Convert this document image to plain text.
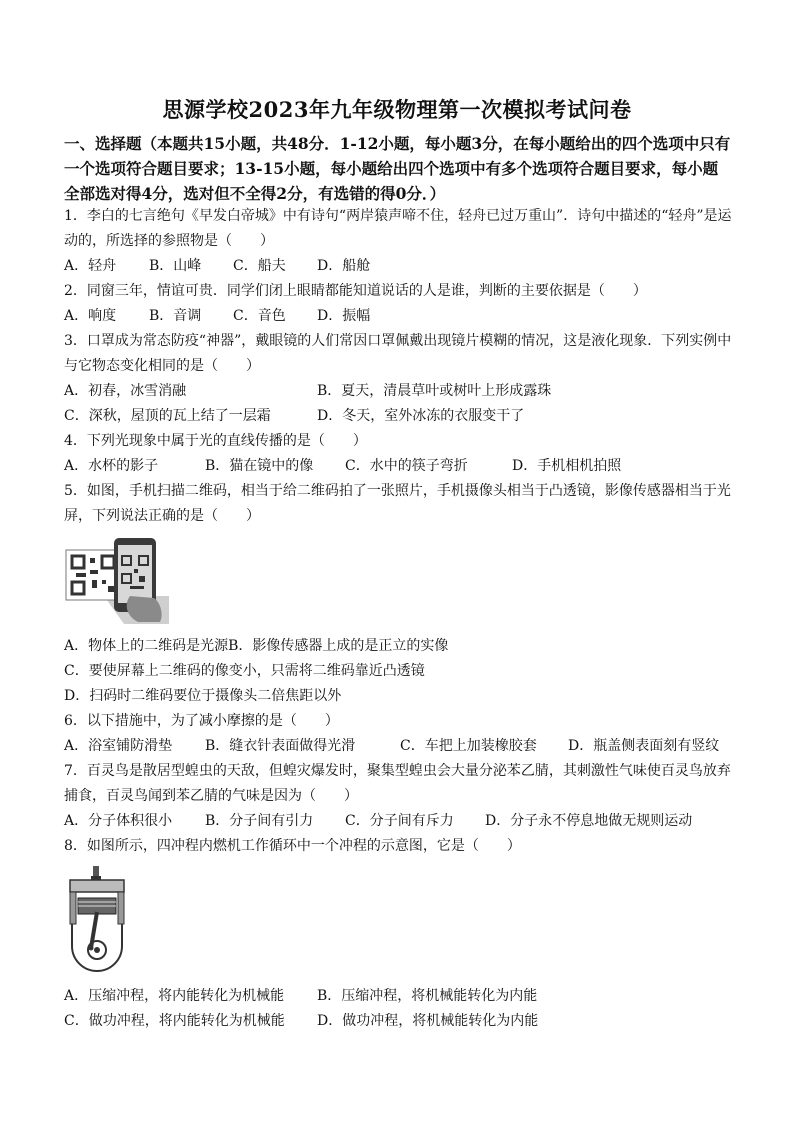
思源学校2023年九年级物理第一次模拟考试问卷
一、选择题（本题共15小题，共48分．1-12小题，每小题3分，在每小题给出的四个选项中只有
一个选项符合题目要求；13-15小题，每小题给出四个选项中有多个选项符合题目要求，每小题
全部选对得4分，选对但不全得2分，有选错的得0分．）
1．李白的七言绝句《早发白帝城》中有诗句“两岸猿声啼不住，轻舟已过万重山”．诗句中描述的“轻舟”是运
动的，所选择的参照物是（　　）
A．轻舟 B．山峰 C．船夫 D．船舱
2．同窗三年，情谊可贵．同学们闭上眼睛都能知道说话的人是谁，判断的主要依据是（　　）
A．响度 B．音调 C．音色 D．振幅
3．口罩成为常态防疫“神器”，戴眼镜的人们常因口罩佩戴出现镜片模糊的情况，这是液化现象．下列实例中
与它物态变化相同的是（　　）
A．初春，冰雪消融	B．夏天，清晨草叶或树叶上形成露珠
C．深秋，屋顶的瓦上结了一层霜	D．冬天，室外冰冻的衣服变干了
4．下列光现象中属于光的直线传播的是（　　）
A．水杯的影子	B．猫在镜中的像 C．水中的筷子弯折	D．手机相机拍照
5．如图，手机扫描二维码，相当于给二维码拍了一张照片，手机摄像头相当于凸透镜，影像传感器相当于光
屏，下列说法正确的是（　　）
A．物体上的二维码是光源B．影像传感器上成的是正立的实像
C．要使屏幕上二维码的像变小，只需将二维码靠近凸透镜
D．扫码时二维码要位于摄像头二倍焦距以外
6．以下措施中，为了减小摩擦的是（　　）
A．浴室铺防滑垫 B．缝衣针表面做得光滑	C．车把上加装橡胶套 D．瓶盖侧表面刻有竖纹
7．百灵鸟是散居型蝗虫的天敌，但蝗灾爆发时，聚集型蝗虫会大量分泌苯乙腈，其刺激性气味使百灵鸟放弃
捕食，百灵鸟闻到苯乙腈的气味是因为（　　）
A．分子体积很小 B．分子间有引力 C．分子间有斥力 D．分子永不停息地做无规则运动
8．如图所示，四冲程内燃机工作循环中一个冲程的示意图，它是（　　）
A．压缩冲程，将内能转化为机械能 B．压缩冲程，将机械能转化为内能
C．做功冲程，将内能转化为机械能 D．做功冲程，将机械能转化为内能
